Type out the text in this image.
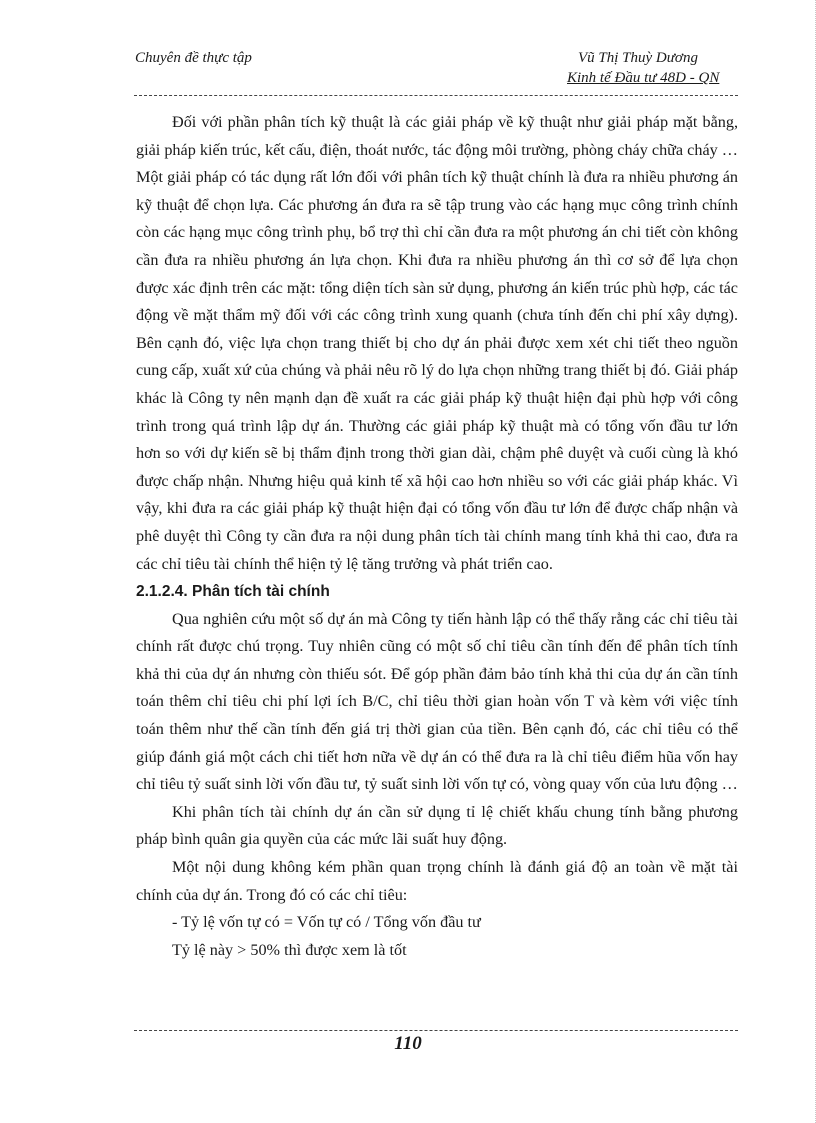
Chuyên đề thực tập	Vũ Thị Thuỳ Dương
Kinh tế Đầu tư 48D - QN

Đối với phần phân tích kỹ thuật là các giải pháp về kỹ thuật như giải pháp mặt bằng, giải pháp kiến trúc, kết cấu, điện, thoát nước, tác động môi trường, phòng cháy chữa cháy … Một giải pháp có tác dụng rất lớn đối với phân tích kỹ thuật chính là đưa ra nhiều phương án kỹ thuật để chọn lựa. Các phương án đưa ra sẽ tập trung vào các hạng mục công trình chính còn các hạng mục công trình phụ, bổ trợ thì chỉ cần đưa ra một phương án chi tiết còn không cần đưa ra nhiều phương án lựa chọn. Khi đưa ra nhiều phương án thì cơ sở để lựa chọn được xác định trên các mặt: tổng diện tích sàn sử dụng, phương án kiến trúc phù hợp, các tác động về mặt thẩm mỹ đối với các công trình xung quanh (chưa tính đến chi phí xây dựng). Bên cạnh đó, việc lựa chọn trang thiết bị cho dự án phải được xem xét chi tiết theo nguồn cung cấp, xuất xứ của chúng và phải nêu rõ lý do lựa chọn những trang thiết bị đó. Giải pháp khác là Công ty nên mạnh dạn đề xuất ra các giải pháp kỹ thuật hiện đại phù hợp với công trình trong quá trình lập dự án. Thường các giải pháp kỹ thuật mà có tổng vốn đầu tư lớn hơn so với dự kiến sẽ bị thẩm định trong thời gian dài, chậm phê duyệt và cuối cùng là khó được chấp nhận. Nhưng hiệu quả kinh tế xã hội cao hơn nhiều so với các giải pháp khác. Vì vậy, khi đưa ra các giải pháp kỹ thuật hiện đại có tổng vốn đầu tư lớn để được chấp nhận và phê duyệt thì Công ty cần đưa ra nội dung phân tích tài chính mang tính khả thi cao, đưa ra các chỉ tiêu tài chính thể hiện tỷ lệ tăng trưởng và phát triển cao.

2.1.2.4. Phân tích tài chính

Qua nghiên cứu một số dự án mà Công ty tiến hành lập có thể thấy rằng các chỉ tiêu tài chính rất được chú trọng. Tuy nhiên cũng có một số chỉ tiêu cần tính đến để phân tích tính khả thi của dự án nhưng còn thiếu sót. Để góp phần đảm bảo tính khả thi của dự án cần tính toán thêm chỉ tiêu chi phí lợi ích B/C, chỉ tiêu thời gian hoàn vốn T và kèm với việc tính toán thêm như thế cần tính đến giá trị thời gian của tiền. Bên cạnh đó, các chỉ tiêu có thể giúp đánh giá một cách chi tiết hơn nữa về dự án có thể đưa ra là chỉ tiêu điểm hũa vốn hay chỉ tiêu tỷ suất sinh lời vốn đầu tư, tỷ suất sinh lời vốn tự có, vòng quay vốn của lưu động …

Khi phân tích tài chính dự án cần sử dụng tỉ lệ chiết khấu chung tính bằng phương pháp bình quân gia quyền của các mức lãi suất huy động.

Một nội dung không kém phần quan trọng chính là đánh giá độ an toàn về mặt tài chính của dự án. Trong đó có các chỉ tiêu:

- Tỷ lệ vốn tự có = Vốn tự có / Tổng vốn đầu tư

Tỷ lệ này > 50% thì được xem là tốt

110
